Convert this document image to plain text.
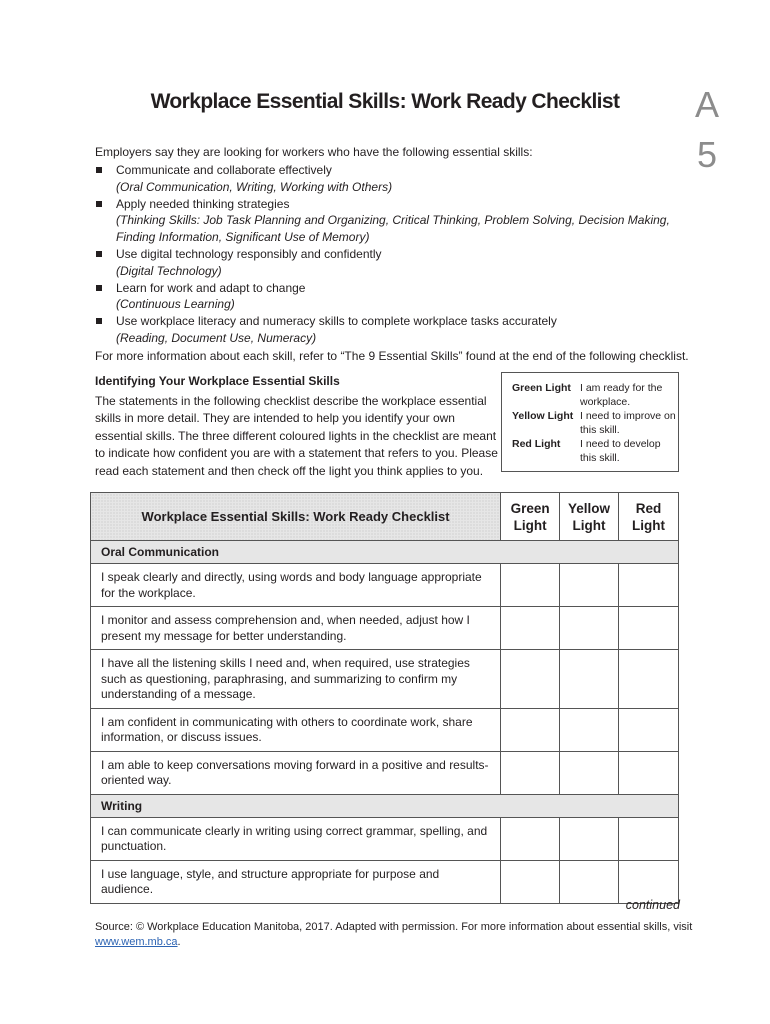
Workplace Essential Skills: Work Ready Checklist	A
5
Employers say they are looking for workers who have the following essential skills:
Communicate and collaborate effectively
(Oral Communication, Writing, Working with Others)
Apply needed thinking strategies
(Thinking Skills: Job Task Planning and Organizing, Critical Thinking, Problem Solving, Decision Making, Finding Information, Significant Use of Memory)
Use digital technology responsibly and confidently
(Digital Technology)
Learn for work and adapt to change
(Continuous Learning)
Use workplace literacy and numeracy skills to complete workplace tasks accurately
(Reading, Document Use, Numeracy)
For more information about each skill, refer to “The 9 Essential Skills” found at the end of the following checklist.
Identifying Your Workplace Essential Skills
The statements in the following checklist describe the workplace essential skills in more detail. They are intended to help you identify your own essential skills. The three different coloured lights in the checklist are meant to indicate how confident you are with a statement that refers to you. Please read each statement and then check off the light you think applies to you.
Green Light I am ready for the workplace.
Yellow Light I need to improve on this skill.
Red Light	I need to develop this skill.
Workplace Essential Skills: Work Ready Checklist	Green Light	Yellow Light	Red Light

Oral Communication			
I speak clearly and directly, using words and body language appropriate for the workplace.			
I monitor and assess comprehension and, when needed, adjust how I present my message for better understanding.			
I have all the listening skills I need and, when required, use strategies such as questioning, paraphrasing, and summarizing to confirm my understanding of a message.			
I am confident in communicating with others to coordinate work, share information, or discuss issues.			
I am able to keep conversations moving forward in a positive and results-oriented way.			
Writing			
I can communicate clearly in writing using correct grammar, spelling, and punctuation.			
I use language, style, and structure appropriate for purpose and audience.			
continued
Source: © Workplace Education Manitoba, 2017. Adapted with permission. For more information about essential skills, visit www.wem.mb.ca.
